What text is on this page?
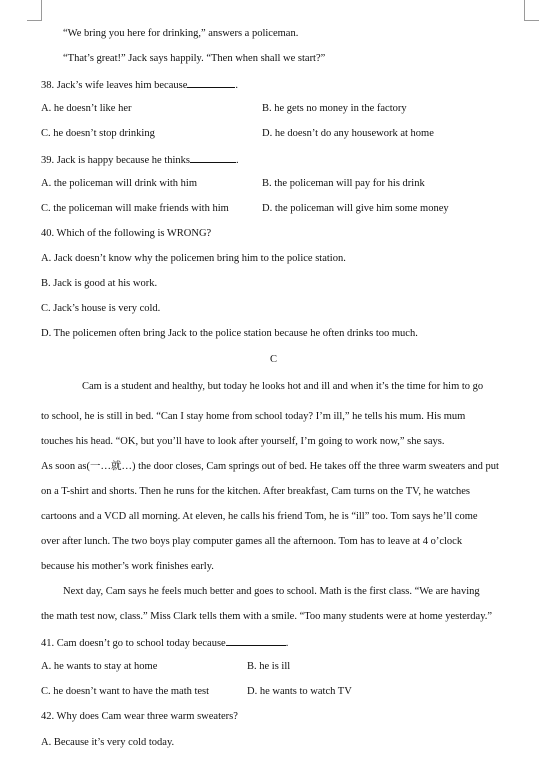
“We bring you here for drinking,” answers a policeman.
“That’s great!” Jack says happily. “Then when shall we start?”
38. Jack’s wife leaves him because	.
A. he doesn’t like her	B. he gets no money in the factory
C. he doesn’t stop drinking	D. he doesn’t do any housework at home
39. Jack is happy because he thinks	.
A. the policeman will drink with him	B. the policeman will pay for his drink
C. the policeman will make friends with him	D. the policeman will give him some money
40. Which of the following is WRONG?
A. Jack doesn’t know why the policemen bring him to the police station.
B. Jack is good at his work.
C. Jack’s house is very cold.
D. The policemen often bring Jack to the police station because he often drinks too much.
C
Cam is a student and healthy, but today he looks hot and ill and when it’s the time for him to go
to school, he is still in bed. “Can I stay home from school today? I’m ill,” he tells his mum. His mum
touches his head. “OK, but you’ll have to look after yourself, I’m going to work now,” she says.
As soon as(一…就…) the door closes, Cam springs out of bed. He takes off the three warm sweaters and put
on a T-shirt and shorts. Then he runs for the kitchen. After breakfast, Cam turns on the TV, he watches
cartoons and a VCD all morning. At eleven, he calls his friend Tom, he is “ill” too. Tom says he’ll come
over after lunch. The two boys play computer games all the afternoon. Tom has to leave at 4 o’clock
because his mother’s work finishes early.
Next day, Cam says he feels much better and goes to school. Math is the first class. “We are having
the math test now, class.” Miss Clark tells them with a smile. “Too many students were at home yesterday.”
41. Cam doesn’t go to school today because	.
A. he wants to stay at home	B. he is ill
C. he doesn’t want to have the math test	D. he wants to watch TV
42. Why does Cam wear three warm sweaters?
A. Because it’s very cold today.
